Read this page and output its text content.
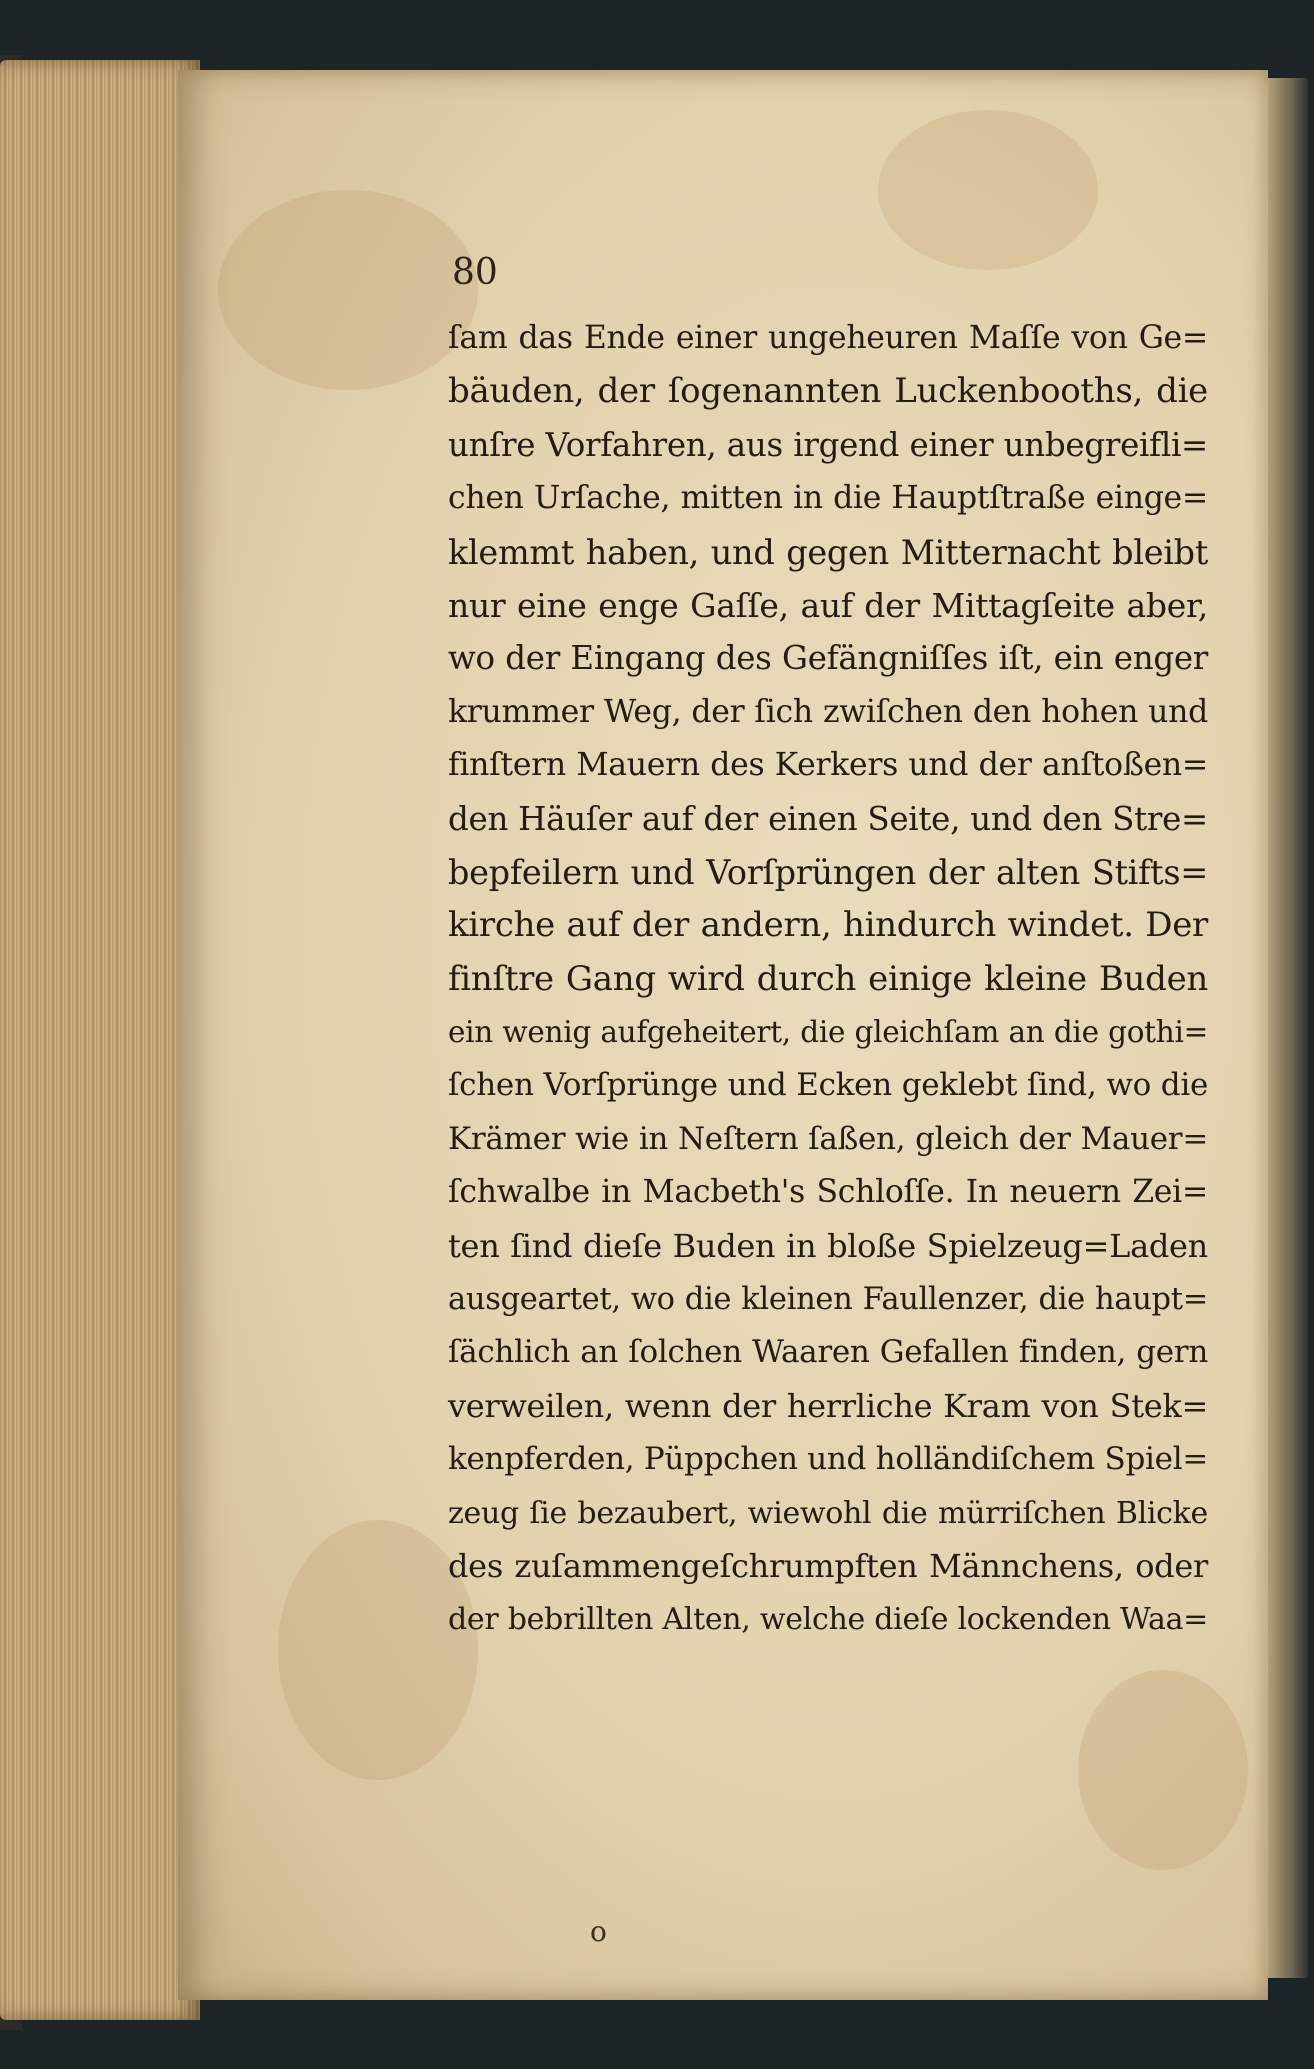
80
ſam das Ende einer ungeheuren Maſſe von Ge=
bäuden, der ſogenannten Luckenbooths, die
unſre Vorfahren, aus irgend einer unbegreifli=
chen Urſache, mitten in die Hauptſtraße einge=
klemmt haben, und gegen Mitternacht bleibt
nur eine enge Gaſſe, auf der Mittagſeite aber,
wo der Eingang des Gefängniſſes iſt, ein enger
krummer Weg, der ſich zwiſchen den hohen und
finſtern Mauern des Kerkers und der anſtoßen=
den Häuſer auf der einen Seite, und den Stre=
bepfeilern und Vorſprüngen der alten Stifts=
kirche auf der andern, hindurch windet. Der
finſtre Gang wird durch einige kleine Buden
ein wenig aufgeheitert, die gleichſam an die gothi=
ſchen Vorſprünge und Ecken geklebt ſind, wo die
Krämer wie in Neſtern ſaßen, gleich der Mauer=
ſchwalbe in Macbeth's Schloſſe. In neuern Zei=
ten ſind dieſe Buden in bloße Spielzeug=Laden
ausgeartet, wo die kleinen Faullenzer, die haupt=
ſächlich an ſolchen Waaren Gefallen finden, gern
verweilen, wenn der herrliche Kram von Stek=
kenpferden, Püppchen und holländiſchem Spiel=
zeug ſie bezaubert, wiewohl die mürriſchen Blicke
des zuſammengeſchrumpften Männchens, oder
der bebrillten Alten, welche dieſe lockenden Waa=
o
